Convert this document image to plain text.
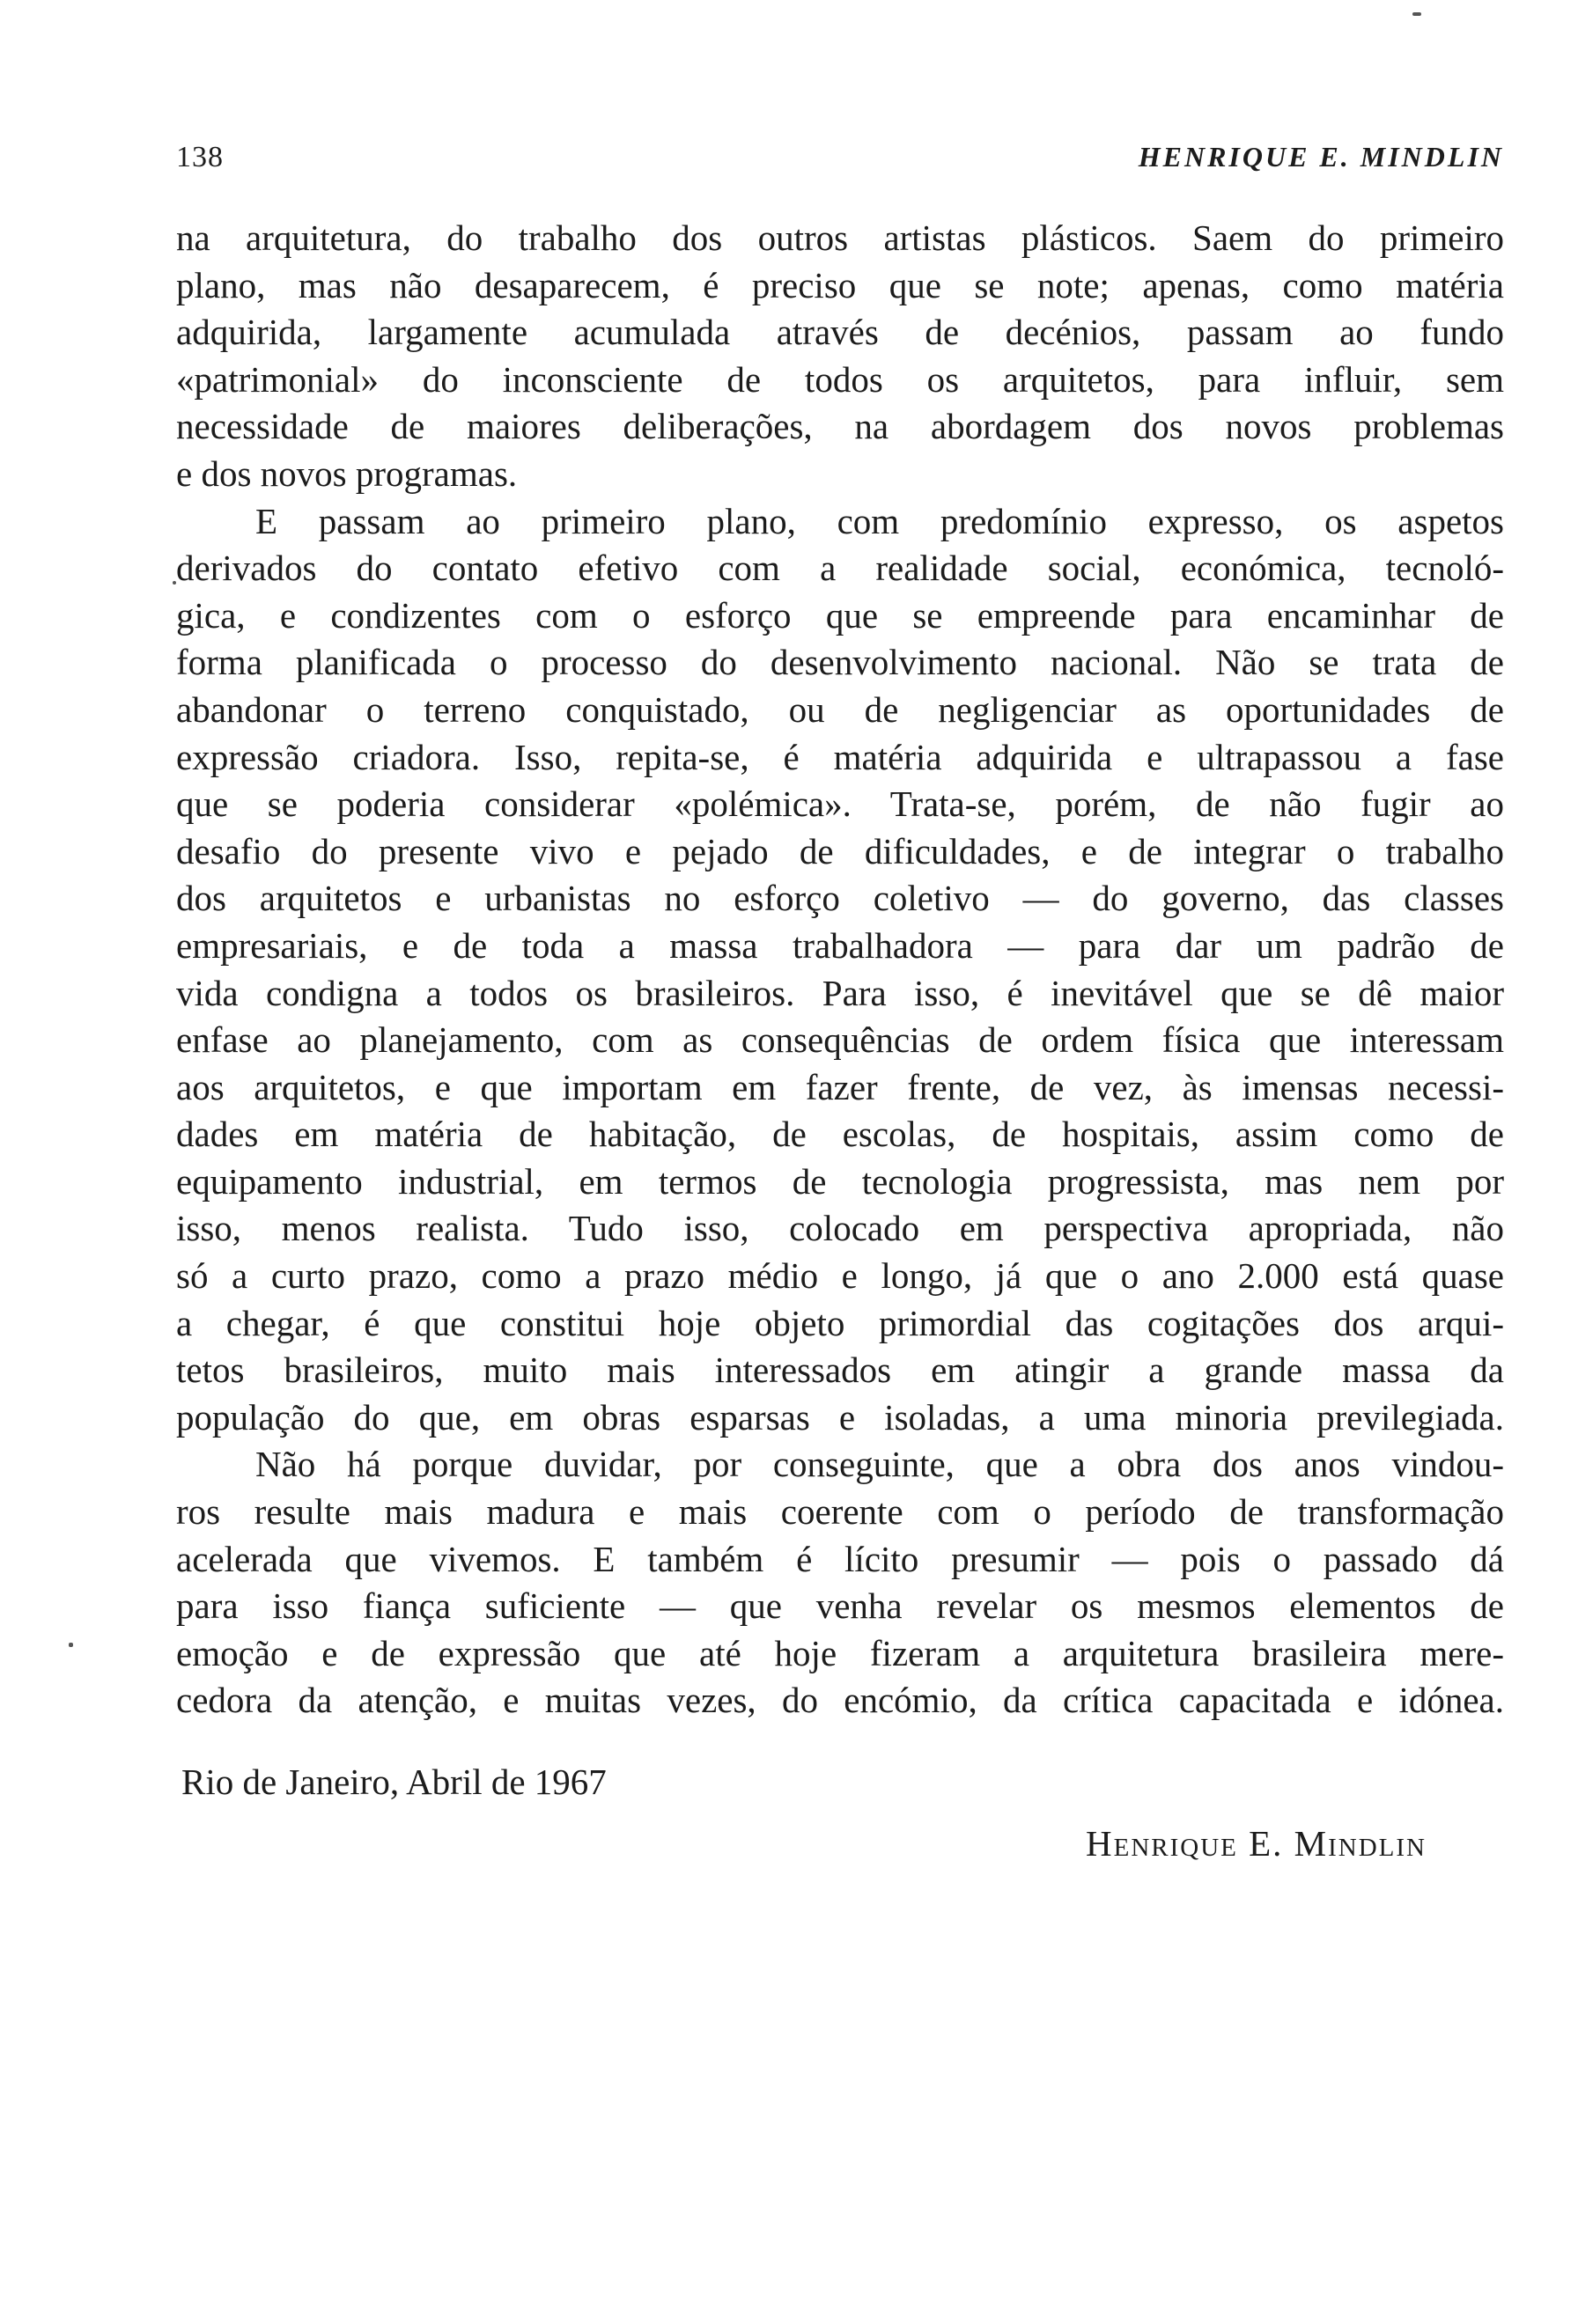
138	HENRIQUE E. MINDLIN
na arquitetura, do trabalho dos outros artistas plásticos. Saem do primeiro
plano, mas não desaparecem, é preciso que se note; apenas, como matéria
adquirida, largamente acumulada através de decénios, passam ao fundo
«patrimonial» do inconsciente de todos os arquitetos, para influir, sem
necessidade de maiores deliberações, na abordagem dos novos problemas
e dos novos programas.
E passam ao primeiro plano, com predomínio expresso, os aspetos
derivados do contato efetivo com a realidade social, económica, tecnoló-
gica, e condizentes com o esforço que se empreende para encaminhar de
forma planificada o processo do desenvolvimento nacional. Não se trata de
abandonar o terreno conquistado, ou de negligenciar as oportunidades de
expressão criadora. Isso, repita-se, é matéria adquirida e ultrapassou a fase
que se poderia considerar «polémica». Trata-se, porém, de não fugir ao
desafio do presente vivo e pejado de dificuldades, e de integrar o trabalho
dos arquitetos e urbanistas no esforço coletivo — do governo, das classes
empresariais, e de toda a massa trabalhadora — para dar um padrão de
vida condigna a todos os brasileiros. Para isso, é inevitável que se dê maior
enfase ao planejamento, com as consequências de ordem física que interessam
aos arquitetos, e que importam em fazer frente, de vez, às imensas necessi-
dades em matéria de habitação, de escolas, de hospitais, assim como de
equipamento industrial, em termos de tecnologia progressista, mas nem por
isso, menos realista. Tudo isso, colocado em perspectiva apropriada, não
só a curto prazo, como a prazo médio e longo, já que o ano 2.000 está quase
a chegar, é que constitui hoje objeto primordial das cogitações dos arqui-
tetos brasileiros, muito mais interessados em atingir a grande massa da
população do que, em obras esparsas e isoladas, a uma minoria previlegiada.
Não há porque duvidar, por conseguinte, que a obra dos anos vindou-
ros resulte mais madura e mais coerente com o período de transformação
acelerada que vivemos. E também é lícito presumir — pois o passado dá
para isso fiança suficiente — que venha revelar os mesmos elementos de
emoção e de expressão que até hoje fizeram a arquitetura brasileira mere-
cedora da atenção, e muitas vezes, do encómio, da crítica capacitada e idónea.
Rio de Janeiro, Abril de 1967
Henrique E. Mindlin
